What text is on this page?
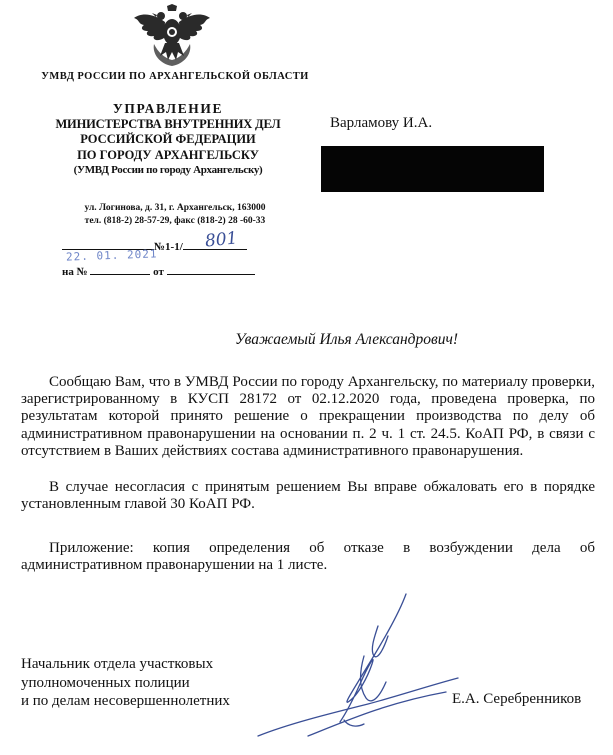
УМВД РОССИИ ПО АРХАНГЕЛЬСКОЙ ОБЛАСТИ
УПРАВЛЕНИЕ
МИНИСТЕРСТВА ВНУТРЕННИХ ДЕЛ
РОССИЙСКОЙ ФЕДЕРАЦИИ
ПО ГОРОДУ АРХАНГЕЛЬСКУ
(УМВД России по городу Архангельску)
ул. Логинова, д. 31, г. Архангельск, 163000
тел. (818-2) 28-57-29, факс (818-2) 28 -60-33
№1-1/
на №	от
22. 01. 2021
801
Варламову И.А.
Уважаемый Илья Александрович!
Сообщаю Вам, что в УМВД России по городу Архангельску, по материалу проверки, зарегистрированному в КУСП 28172 от 02.12.2020 года, проведена проверка, по результатам которой принято решение о прекращении производства по делу об административном правонарушении на основании п. 2 ч. 1 ст. 24.5. КоАП РФ, в связи с отсутствием в Ваших действиях состава административного правонарушения.
В случае несогласия с принятым решением Вы вправе обжаловать его в порядке установленным главой 30 КоАП РФ.
Приложение: копия определения об отказе в возбуждении дела об административном правонарушении на 1 листе.
Начальник отдела участковых
уполномоченных полиции
и по делам несовершеннолетних	Е.А. Серебренников
